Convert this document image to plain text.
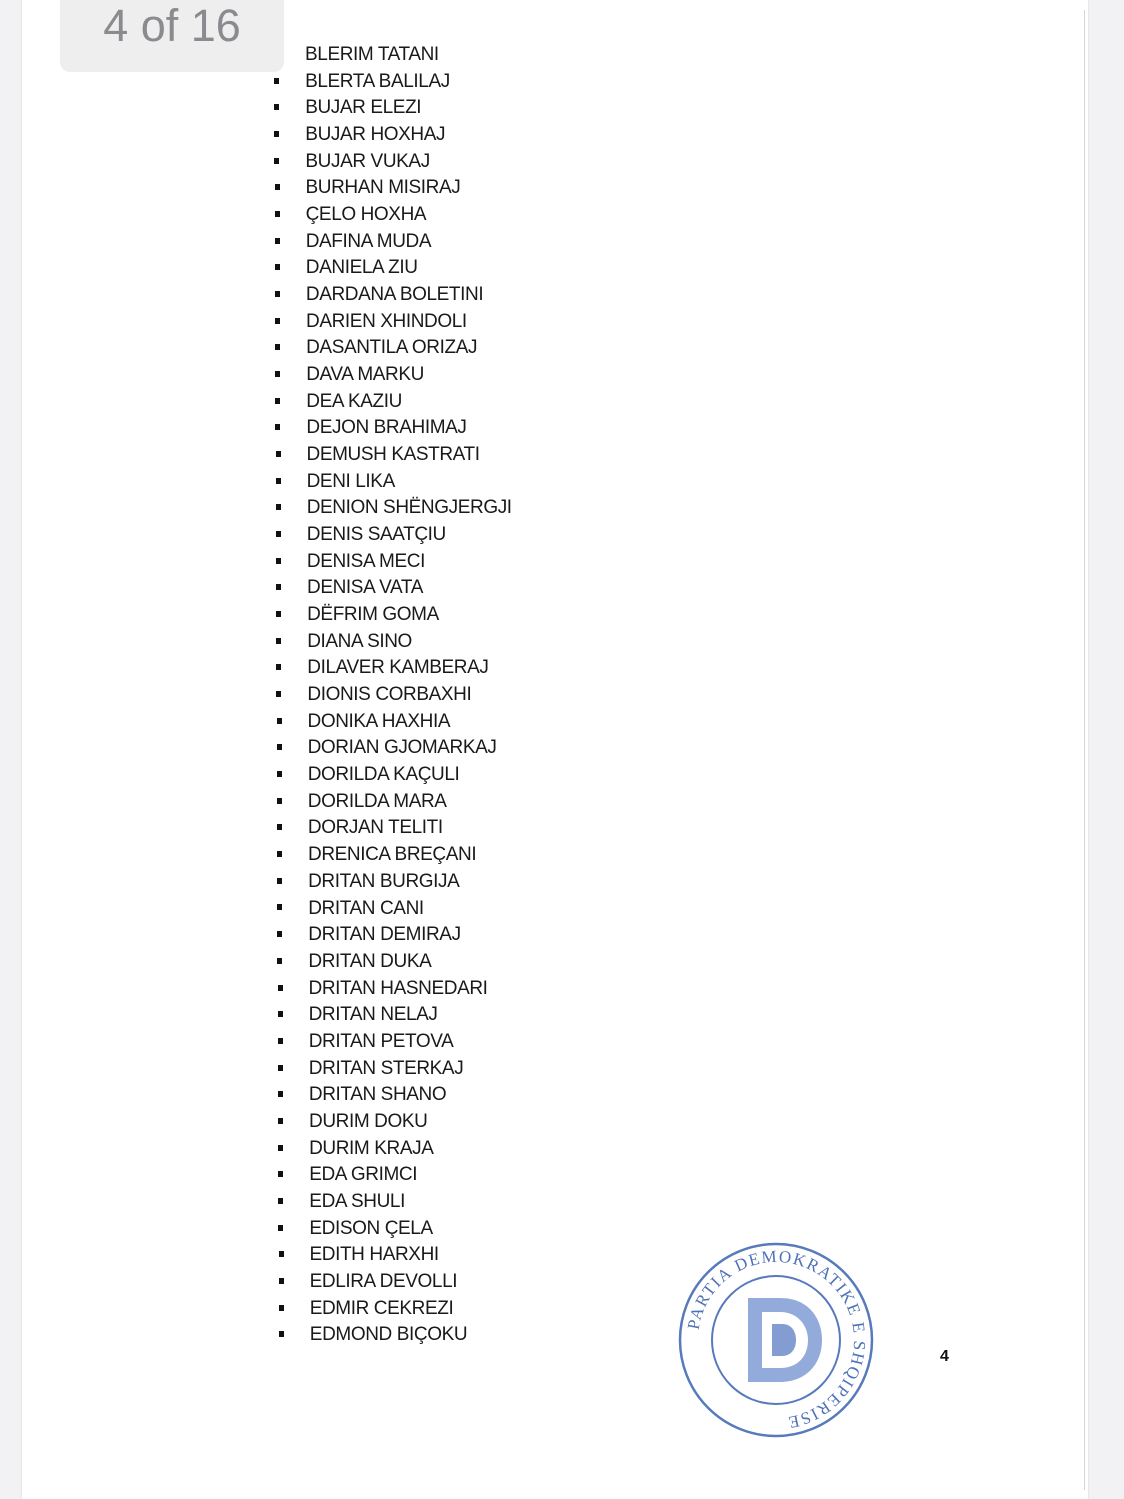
4 of 16
BLERIM TATANI
BLERTA BALILAJ
BUJAR ELEZI
BUJAR HOXHAJ
BUJAR VUKAJ
BURHAN MISIRAJ
ÇELO HOXHA
DAFINA MUDA
DANIELA ZIU
DARDANA BOLETINI
DARIEN XHINDOLI
DASANTILA ORIZAJ
DAVA MARKU
DEA KAZIU
DEJON BRAHIMAJ
DEMUSH KASTRATI
DENI LIKA
DENION SHËNGJERGJI
DENIS SAATÇIU
DENISA MECI
DENISA VATA
DËFRIM GOMA
DIANA SINO
DILAVER KAMBERAJ
DIONIS CORBAXHI
DONIKA HAXHIA
DORIAN GJOMARKAJ
DORILDA KAÇULI
DORILDA MARA
DORJAN TELITI
DRENICA BREÇANI
DRITAN BURGIJA
DRITAN CANI
DRITAN DEMIRAJ
DRITAN DUKA
DRITAN HASNEDARI
DRITAN NELAJ
DRITAN PETOVA
DRITAN STERKAJ
DRITAN SHANO
DURIM DOKU
DURIM KRAJA
EDA GRIMCI
EDA SHULI
EDISON ÇELA
EDITH HARXHI
EDLIRA DEVOLLI
EDMIR CEKREZI
EDMOND BIÇOKU
4
PARTIA DEMOKRATIKE E SHQIPERISE
